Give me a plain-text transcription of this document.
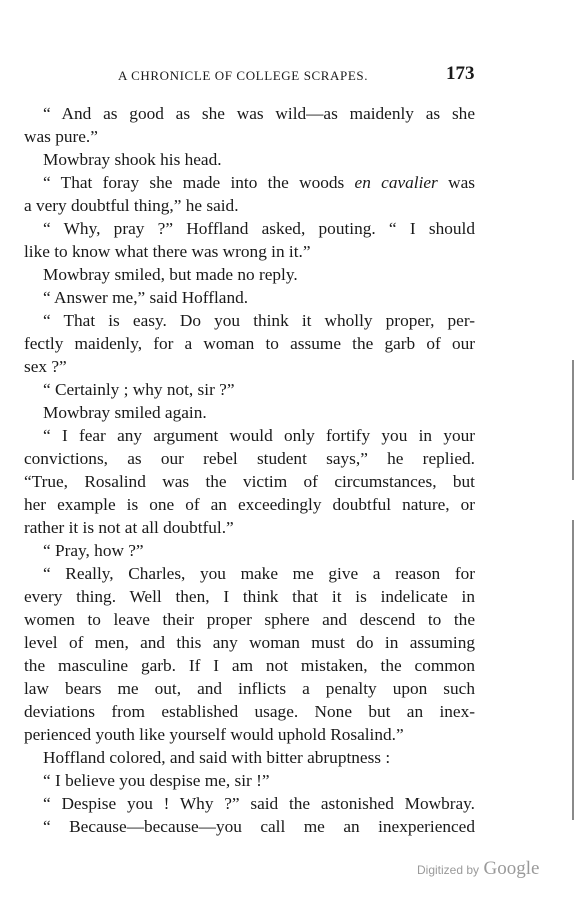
A CHRONICLE OF COLLEGE SCRAPES.	173
“ And as good as she was wild—as maidenly as she
was pure.”
Mowbray shook his head.
“ That foray she made into the woods en cavalier was
a very doubtful thing,” he said.
“ Why, pray ?” Hoffland asked, pouting. “ I should
like to know what there was wrong in it.”
Mowbray smiled, but made no reply.
“ Answer me,” said Hoffland.
“ That is easy. Do you think it wholly proper, per-
fectly maidenly, for a woman to assume the garb of our
sex ?”
“ Certainly ; why not, sir ?”
Mowbray smiled again.
“ I fear any argument would only fortify you in your
convictions, as our rebel student says,” he replied.
“True, Rosalind was the victim of circumstances, but
her example is one of an exceedingly doubtful nature, or
rather it is not at all doubtful.”
“ Pray, how ?”
“ Really, Charles, you make me give a reason for
every thing. Well then, I think that it is indelicate in
women to leave their proper sphere and descend to the
level of men, and this any woman must do in assuming
the masculine garb. If I am not mistaken, the common
law bears me out, and inflicts a penalty upon such
deviations from established usage. None but an inex-
perienced youth like yourself would uphold Rosalind.”
Hoffland colored, and said with bitter abruptness :
“ I believe you despise me, sir !”
“ Despise you ! Why ?” said the astonished Mowbray.
“ Because—because—you call me an inexperienced
Digitized by Google
